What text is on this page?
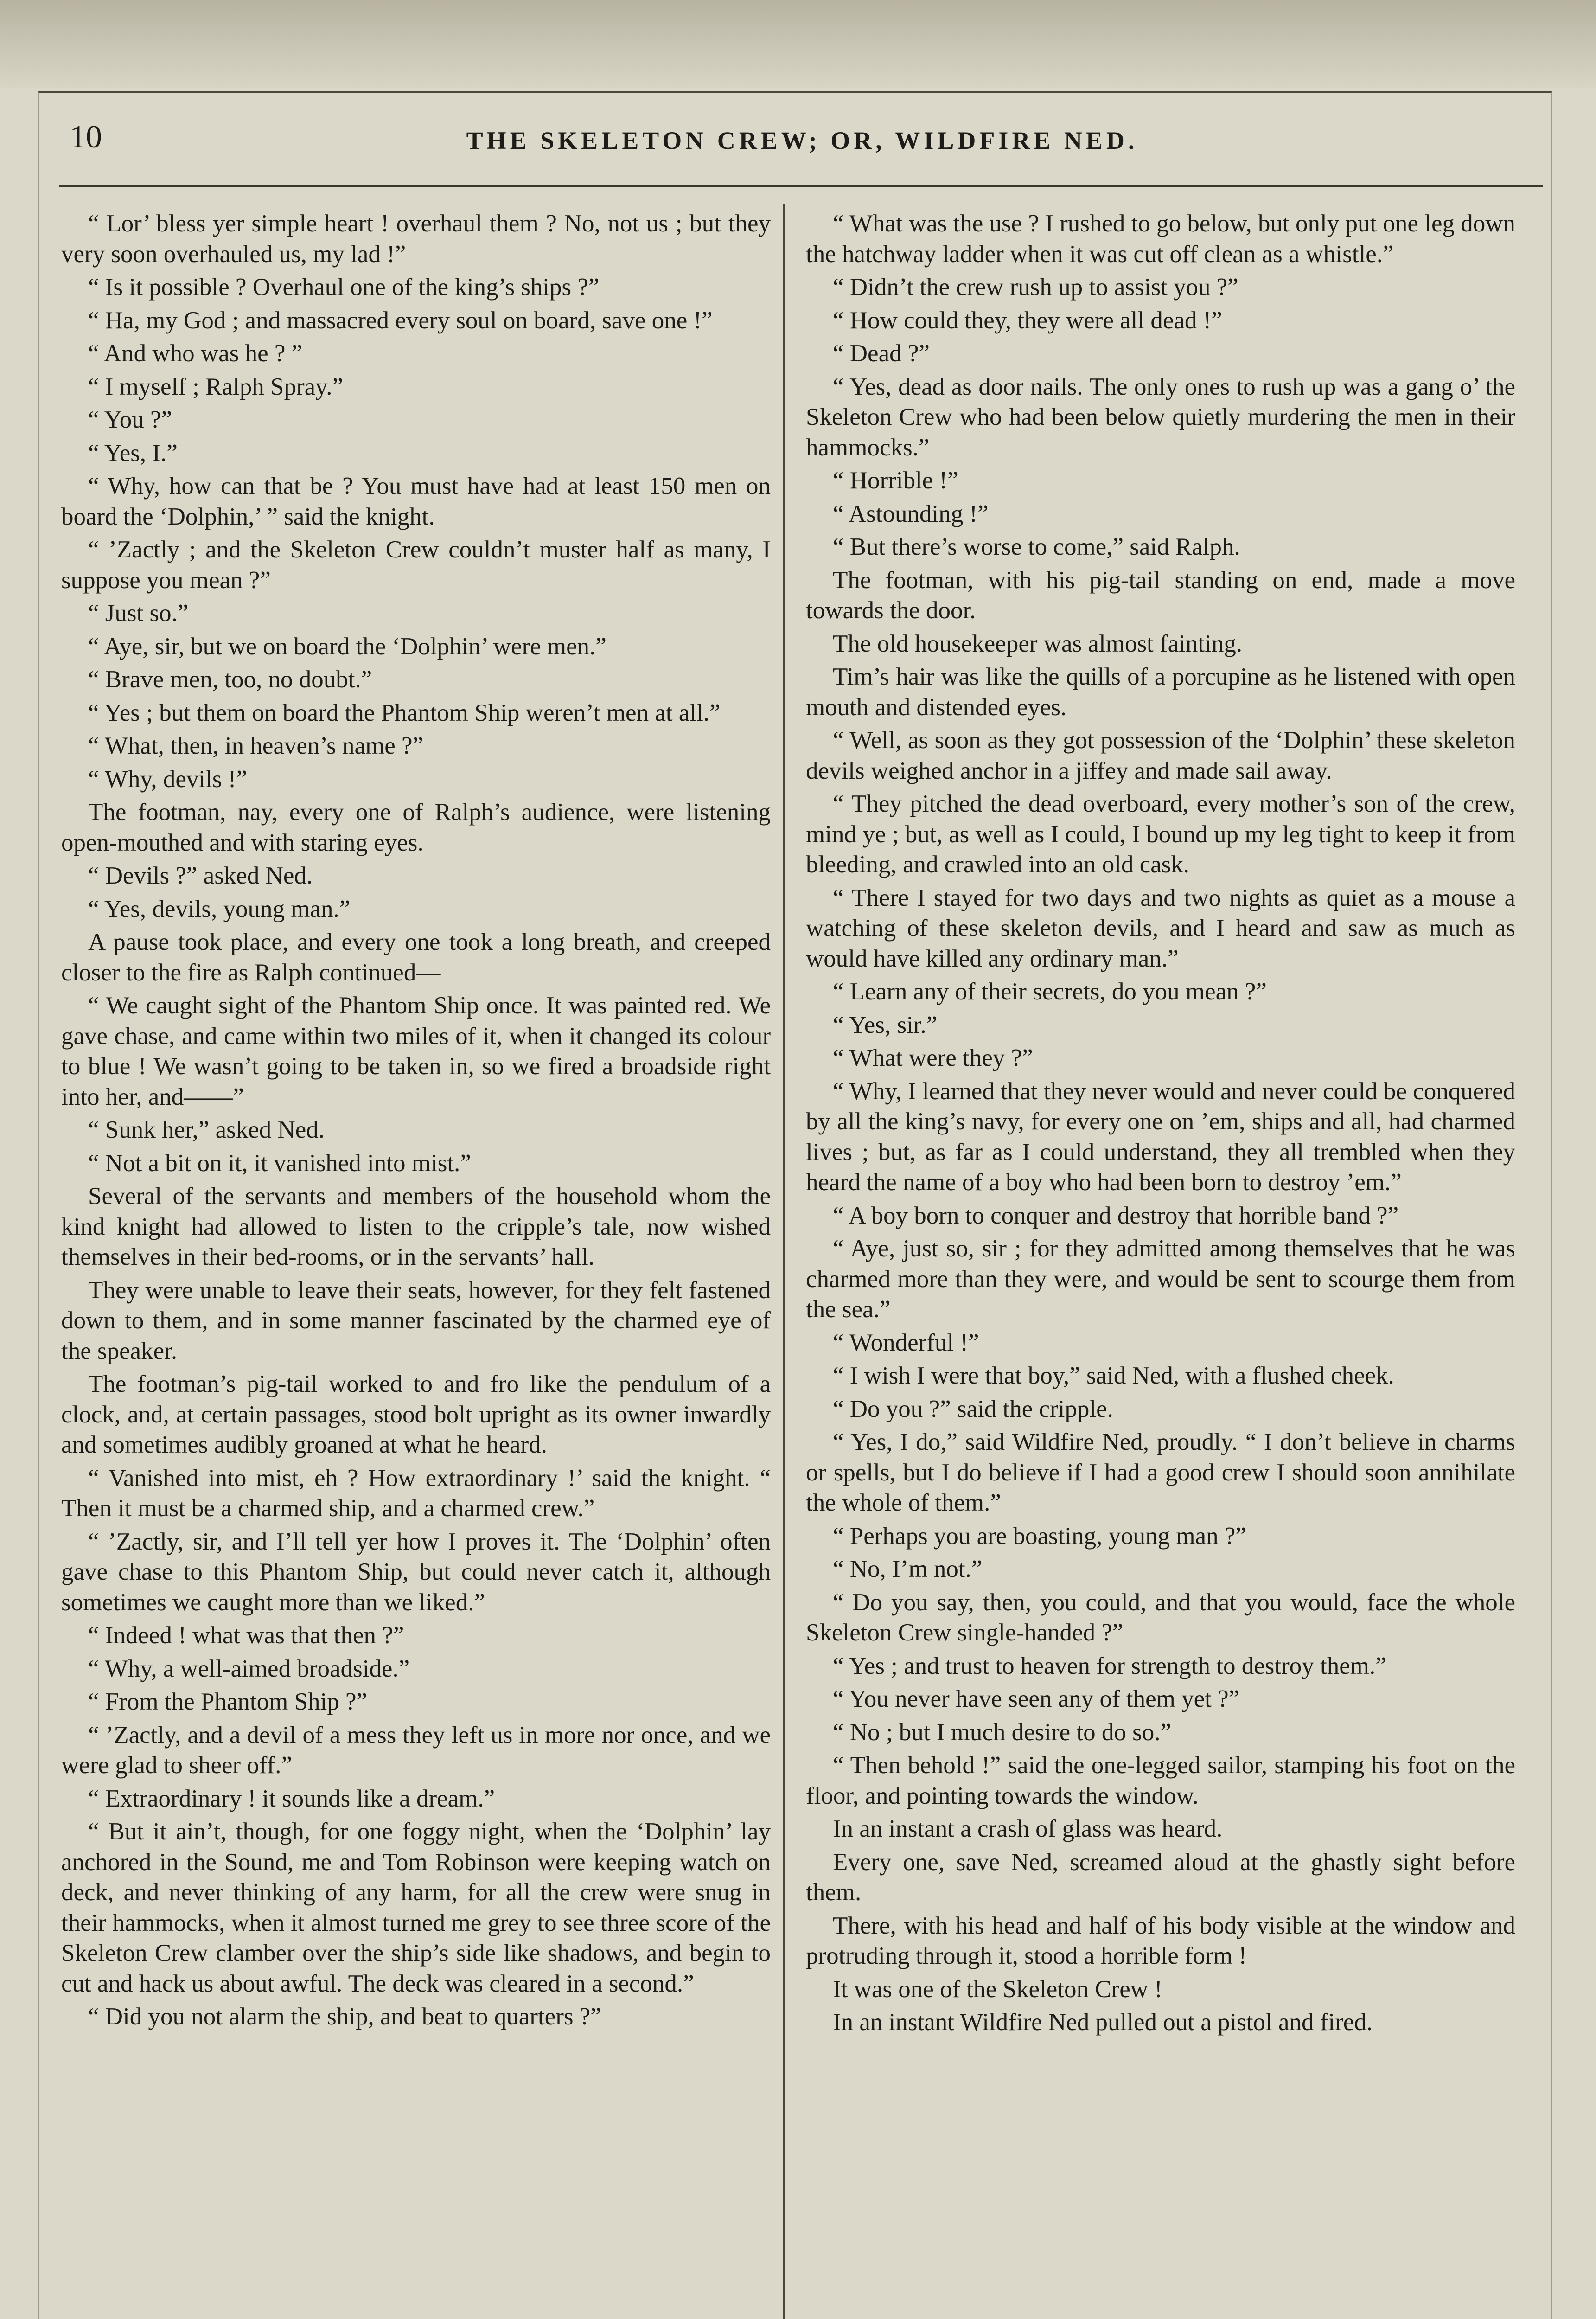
10	THE SKELETON CREW; OR, WILDFIRE NED.

“ Lor’ bless yer simple heart ! overhaul them ? No, not us ; but they very soon overhauled us, my lad !”

“ Is it possible ? Overhaul one of the king’s ships ?”

“ Ha, my God ; and massacred every soul on board, save one !”

“ And who was he ? ”

“ I myself ; Ralph Spray.”

“ You ?”

“ Yes, I.”

“ Why, how can that be ? You must have had at least 150 men on board the ‘Dolphin,’ ” said the knight.

“ ’Zactly ; and the Skeleton Crew couldn’t muster half as many, I suppose you mean ?”

“ Just so.”

“ Aye, sir, but we on board the ‘Dolphin’ were men.”

“ Brave men, too, no doubt.”

“ Yes ; but them on board the Phantom Ship weren’t men at all.”

“ What, then, in heaven’s name ?”

“ Why, devils !”

The footman, nay, every one of Ralph’s audience, were listening open-mouthed and with staring eyes.

“ Devils ?” asked Ned.

“ Yes, devils, young man.”

A pause took place, and every one took a long breath, and creeped closer to the fire as Ralph continued—

“ We caught sight of the Phantom Ship once. It was painted red. We gave chase, and came within two miles of it, when it changed its colour to blue ! We wasn’t going to be taken in, so we fired a broadside right into her, and——”

“ Sunk her,” asked Ned.

“ Not a bit on it, it vanished into mist.”

Several of the servants and members of the household whom the kind knight had allowed to listen to the cripple’s tale, now wished themselves in their bed-rooms, or in the servants’ hall.

They were unable to leave their seats, however, for they felt fastened down to them, and in some manner fascinated by the charmed eye of the speaker.

The footman’s pig-tail worked to and fro like the pendulum of a clock, and, at certain passages, stood bolt upright as its owner inwardly and sometimes audibly groaned at what he heard.

“ Vanished into mist, eh ? How extraordinary !’ said the knight. “ Then it must be a charmed ship, and a charmed crew.”

“ ’Zactly, sir, and I’ll tell yer how I proves it. The ‘Dolphin’ often gave chase to this Phantom Ship, but could never catch it, although sometimes we caught more than we liked.”

“ Indeed ! what was that then ?”

“ Why, a well-aimed broadside.”

“ From the Phantom Ship ?”

“ ’Zactly, and a devil of a mess they left us in more nor once, and we were glad to sheer off.”

“ Extraordinary ! it sounds like a dream.”

“ But it ain’t, though, for one foggy night, when the ‘Dolphin’ lay anchored in the Sound, me and Tom Robinson were keeping watch on deck, and never thinking of any harm, for all the crew were snug in their hammocks, when it almost turned me grey to see three score of the Skeleton Crew clamber over the ship’s side like shadows, and begin to cut and hack us about awful. The deck was cleared in a second.”

“ Did you not alarm the ship, and beat to quarters ?”

“ What was the use ? I rushed to go below, but only put one leg down the hatchway ladder when it was cut off clean as a whistle.”

“ Didn’t the crew rush up to assist you ?”

“ How could they, they were all dead !”

“ Dead ?”

“ Yes, dead as door nails. The only ones to rush up was a gang o’ the Skeleton Crew who had been below quietly murdering the men in their hammocks.”

“ Horrible !”

“ Astounding !”

“ But there’s worse to come,” said Ralph.

The footman, with his pig-tail standing on end, made a move towards the door.

The old housekeeper was almost fainting.

Tim’s hair was like the quills of a porcupine as he listened with open mouth and distended eyes.

“ Well, as soon as they got possession of the ‘Dolphin’ these skeleton devils weighed anchor in a jiffey and made sail away.

“ They pitched the dead overboard, every mother’s son of the crew, mind ye ; but, as well as I could, I bound up my leg tight to keep it from bleeding, and crawled into an old cask.

“ There I stayed for two days and two nights as quiet as a mouse a watching of these skeleton devils, and I heard and saw as much as would have killed any ordinary man.”

“ Learn any of their secrets, do you mean ?”

“ Yes, sir.”

“ What were they ?”

“ Why, I learned that they never would and never could be conquered by all the king’s navy, for every one on ’em, ships and all, had charmed lives ; but, as far as I could understand, they all trembled when they heard the name of a boy who had been born to destroy ’em.”

“ A boy born to conquer and destroy that horrible band ?”

“ Aye, just so, sir ; for they admitted among themselves that he was charmed more than they were, and would be sent to scourge them from the sea.”

“ Wonderful !”

“ I wish I were that boy,” said Ned, with a flushed cheek.

“ Do you ?” said the cripple.

“ Yes, I do,” said Wildfire Ned, proudly. “ I don’t believe in charms or spells, but I do believe if I had a good crew I should soon annihilate the whole of them.”

“ Perhaps you are boasting, young man ?”

“ No, I’m not.”

“ Do you say, then, you could, and that you would, face the whole Skeleton Crew single-handed ?”

“ Yes ; and trust to heaven for strength to destroy them.”

“ You never have seen any of them yet ?”

“ No ; but I much desire to do so.”

“ Then behold !” said the one-legged sailor, stamping his foot on the floor, and pointing towards the window.

In an instant a crash of glass was heard.

Every one, save Ned, screamed aloud at the ghastly sight before them.

There, with his head and half of his body visible at the window and protruding through it, stood a horrible form !

It was one of the Skeleton Crew !

In an instant Wildfire Ned pulled out a pistol and fired.
